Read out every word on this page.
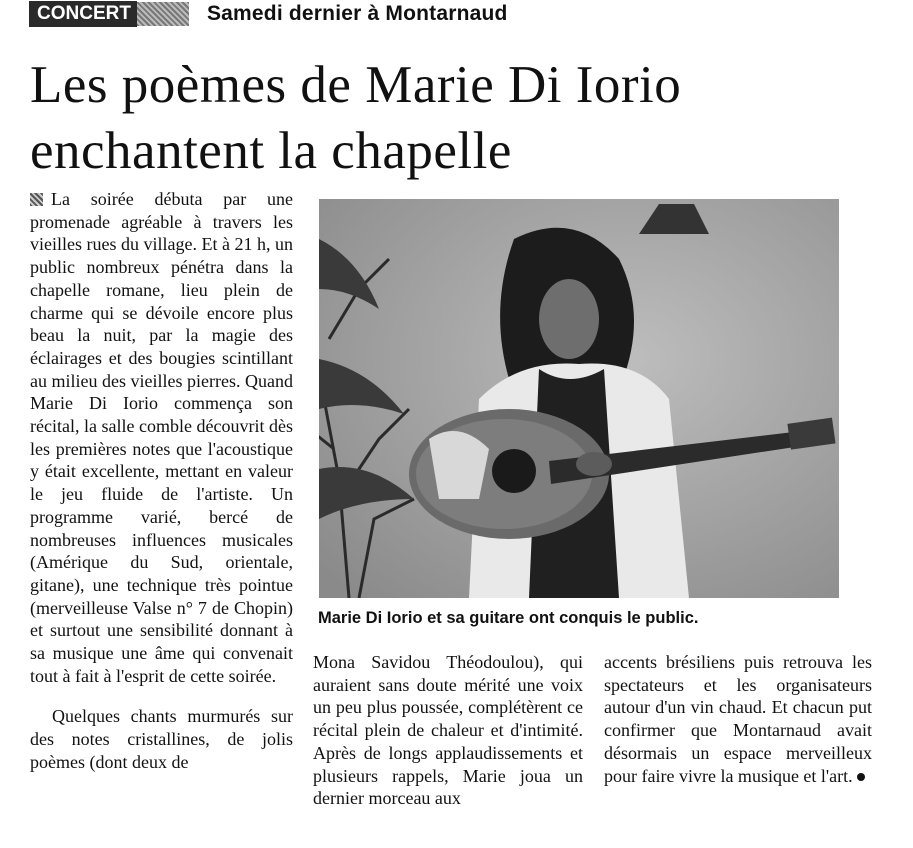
CONCERT	Samedi dernier à Montarnaud
Les poèmes de Marie Di Iorio
enchantent la chapelle

La soirée débuta par une promenade agréable à travers les vieilles rues du village. Et à 21 h, un public nombreux pénétra dans la chapelle romane, lieu plein de charme qui se dévoile encore plus beau la nuit, par la magie des éclairages et des bougies scintillant au milieu des vieilles pierres. Quand Marie Di Iorio commença son récital, la salle comble découvrit dès les premières notes que l'acoustique y était excellente, mettant en valeur le jeu fluide de l'artiste. Un programme varié, bercé de nombreuses influences musicales (Amérique du Sud, orientale, gitane), une technique très pointue (merveilleuse Valse n° 7 de Chopin) et surtout une sensibilité donnant à sa musique une âme qui convenait tout à fait à l'esprit de cette soirée.

Quelques chants murmurés sur des notes cristallines, de jolis poèmes (dont deux de

Marie Di Iorio et sa guitare ont conquis le public.
Mona Savidou Théodoulou), qui auraient sans doute mérité une voix un peu plus poussée, complétèrent ce récital plein de chaleur et d'intimité. Après de longs applaudissements et plusieurs rappels, Marie joua un dernier morceau aux
accents brésiliens puis retrouva les spectateurs et les organisateurs autour d'un vin chaud. Et chacun put confirmer que Montarnaud avait désormais un espace merveilleux pour faire vivre la musique et l'art.
